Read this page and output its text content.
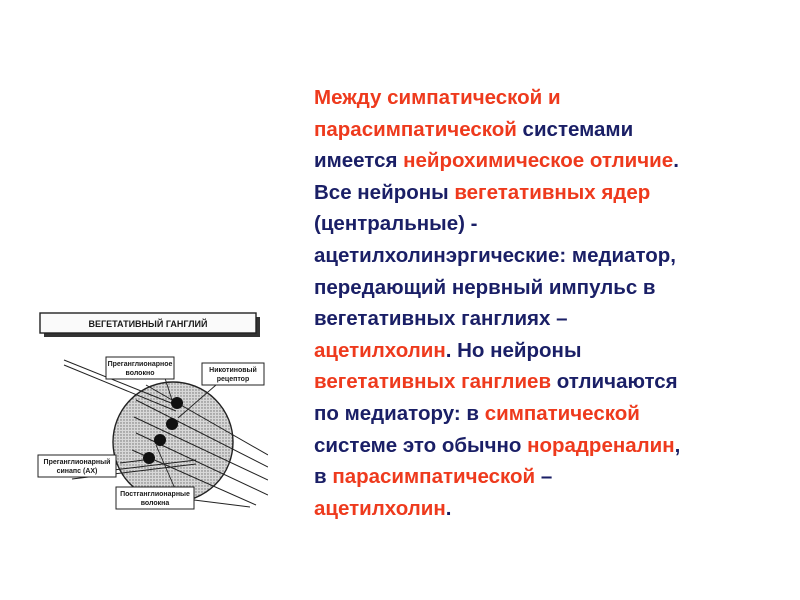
ВЕГЕТАТИВНЫЙ ГАНГЛИЙ
Преганглионарное
волокно	Никотиновый
рецептор
Преганглионарный
синапс (АХ)
Постганглионарные
волокна
Между симпатической и
парасимпатической системами
имеется нейрохимическое отличие.
Все нейроны вегетативных ядер
(центральные) -
ацетилхолинэргические: медиатор,
передающий нервный импульс в
вегетативных ганглиях –
ацетилхолин. Но нейроны
вегетативных ганглиев отличаются
по медиатору: в симпатической
системе это обычно норадреналин,
в парасимпатической –
ацетилхолин.
